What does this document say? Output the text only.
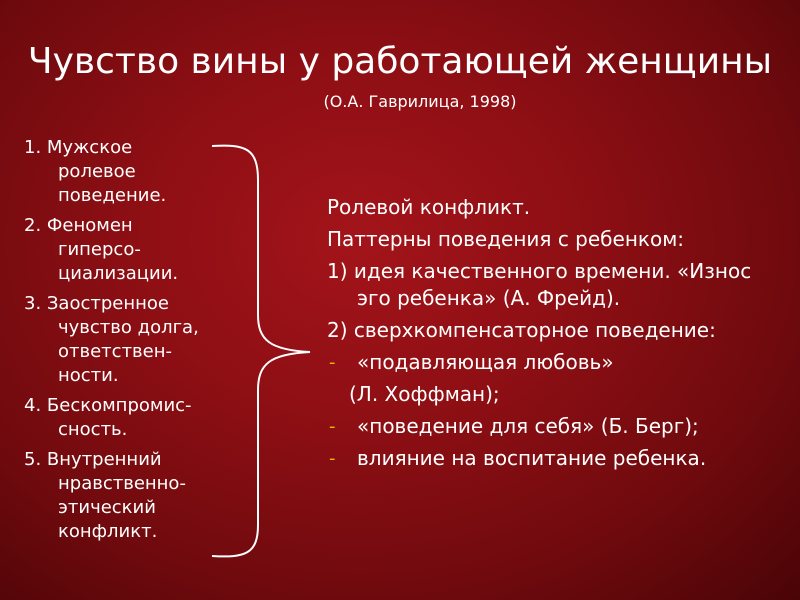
Чувство вины у работающей женщины
(О.А. Гаврилица, 1998)
1. Мужское
ролевое
поведение.
2. Феномен
гиперсо-
циализации.
3. Заостренное
чувство долга,
ответствен-
ности.
4. Бескомпромис-
сность.
5. Внутренний
нравственно-
этический
конфликт.
Ролевой конфликт.
Паттерны поведения с ребенком:
1) идея качественного времени. «Износ эго ребенка» (А. Фрейд).
2) сверхкомпенсаторное поведение:
- «подавляющая любовь»
(Л. Хоффман);
- «поведение для себя» (Б. Берг);
- влияние на воспитание ребенка.
